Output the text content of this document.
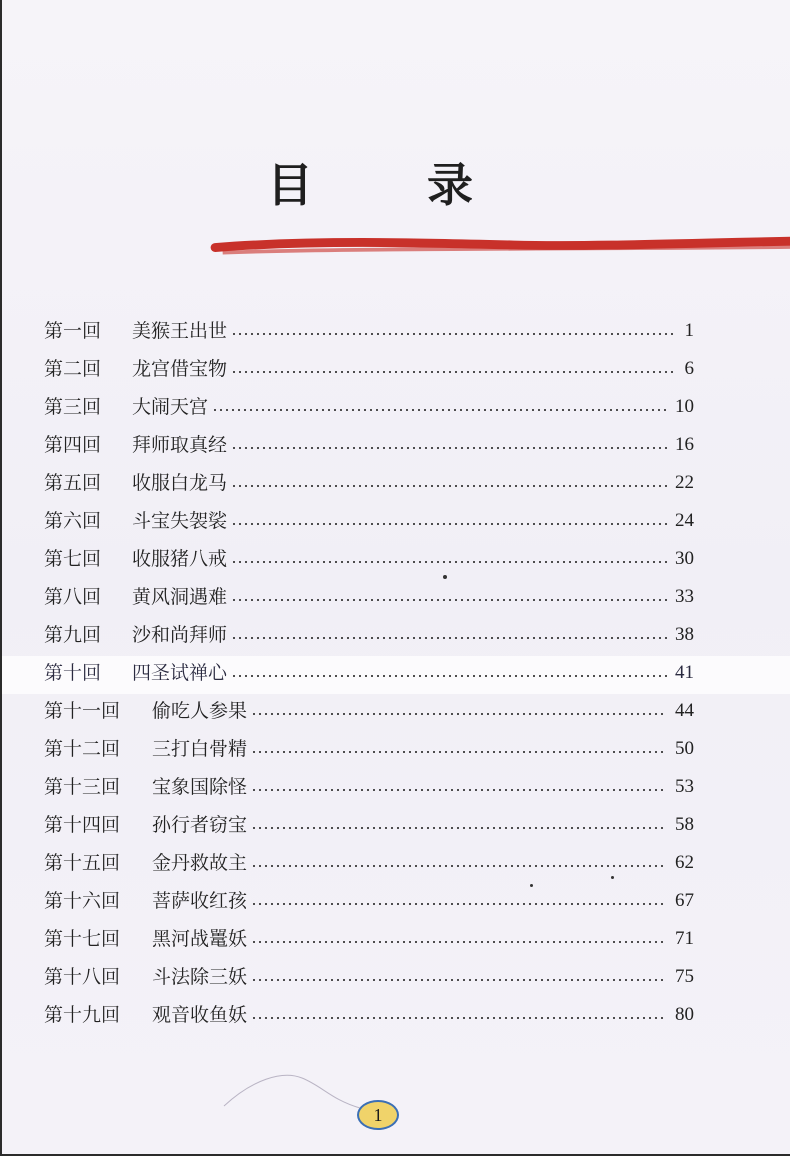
目 录
第一回	美猴王出世	1
第二回	龙宫借宝物	6
第三回	大闹天宫	10
第四回	拜师取真经	16
第五回	收服白龙马	22
第六回	斗宝失袈裟	24
第七回	收服猪八戒	30
第八回	黄风洞遇难	33
第九回	沙和尚拜师	38
第十回	四圣试禅心	41
第十一回	偷吃人参果	44
第十二回	三打白骨精	50
第十三回	宝象国除怪	53
第十四回	孙行者窃宝	58
第十五回	金丹救故主	62
第十六回	菩萨收红孩	67
第十七回	黑河战鼍妖	71
第十八回	斗法除三妖	75
第十九回	观音收鱼妖	80
1
